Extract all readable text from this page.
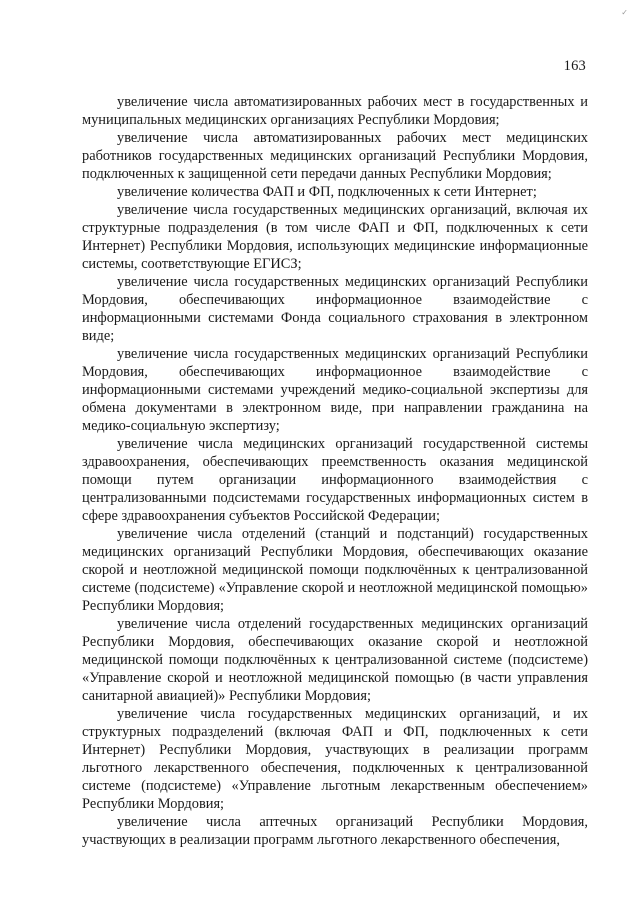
✓
163

увеличение числа автоматизированных рабочих мест в государственных и муниципальных медицинских организациях Республики Мордовия;

увеличение числа автоматизированных рабочих мест медицинских работников государственных медицинских организаций Республики Мордовия, подключенных к защищенной сети передачи данных Республики Мордовия;

увеличение количества ФАП и ФП, подключенных к сети Интернет;

увеличение числа государственных медицинских организаций, включая их структурные подразделения (в том числе ФАП и ФП, подключенных к сети Интернет) Республики Мордовия, использующих медицинские информационные системы, соответствующие ЕГИСЗ;

увеличение числа государственных медицинских организаций Республики Мордовия, обеспечивающих информационное взаимодействие с информационными системами Фонда социального страхования в электронном виде;

увеличение числа государственных медицинских организаций Республики Мордовия, обеспечивающих информационное взаимодействие с информационными системами учреждений медико-социальной экспертизы для обмена документами в электронном виде, при направлении гражданина на медико-социальную экспертизу;

увеличение числа медицинских организаций государственной системы здравоохранения, обеспечивающих преемственность оказания медицинской помощи путем организации информационного взаимодействия с централизованными подсистемами государственных информационных систем в сфере здравоохранения субъектов Российской Федерации;

увеличение числа отделений (станций и подстанций) государственных медицинских организаций Республики Мордовия, обеспечивающих оказание скорой и неотложной медицинской помощи подключённых к централизованной системе (подсистеме) «Управление скорой и неотложной медицинской помощью» Республики Мордовия;

увеличение числа отделений государственных медицинских организаций Республики Мордовия, обеспечивающих оказание скорой и неотложной медицинской помощи подключённых к централизованной системе (подсистеме) «Управление скорой и неотложной медицинской помощью (в части управления санитарной авиацией)» Республики Мордовия;

увеличение числа государственных медицинских организаций, и их структурных подразделений (включая ФАП и ФП, подключенных к сети Интернет) Республики Мордовия, участвующих в реализации программ льготного лекарственного обеспечения, подключенных к централизованной системе (подсистеме) «Управление льготным лекарственным обеспечением» Республики Мордовия;

увеличение числа аптечных организаций Республики Мордовия, участвующих в реализации программ льготного лекарственного обеспечения,
